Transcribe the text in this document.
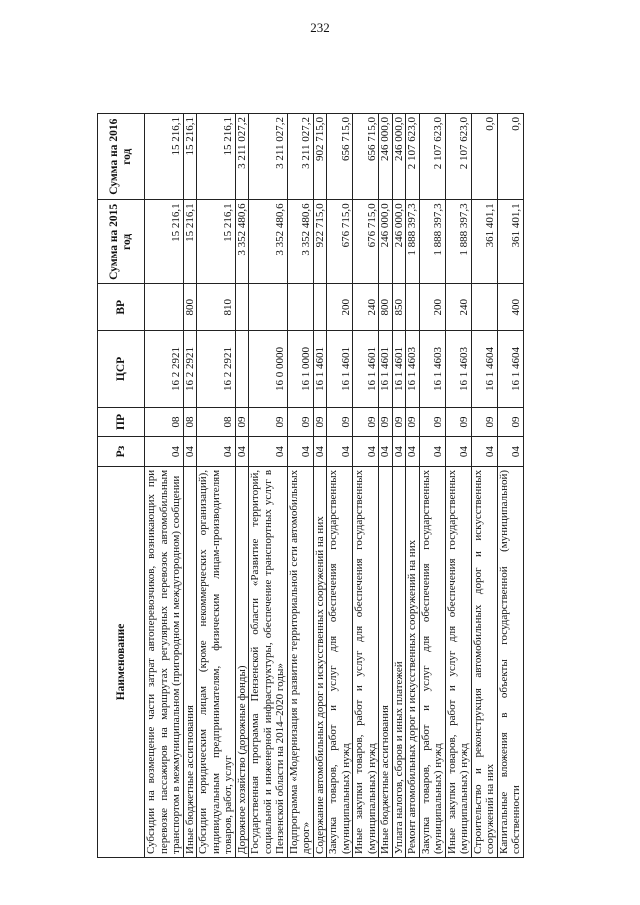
232
Наименование	Рз	ПР	ЦСР	ВР	Сумма на 2015 год	Сумма на 2016 год
Субсидии на возмещение части затрат автоперевозчиков, возникающих при перевозке пассажиров на маршрутах регулярных перевозок автомобильным транспортом в межмуниципальном (пригородном и междугородном) сообщении	04	08	16 2 2921		15 216,1	15 216,1
Иные бюджетные ассигнования	04	08	16 2 2921	800	15 216,1	15 216,1
Субсидии юридическим лицам (кроме некоммерческих организаций), индивидуальным предпринимателям, физическим лицам-производителям товаров, работ, услуг	04	08	16 2 2921	810	15 216,1	15 216,1
Дорожное хозяйство (дорожные фонды)	04	09			3 352 480,6	3 211 027,2
Государственная программа Пензенской области «Развитие территорий, социальной и инженерной инфраструктуры, обеспечение транспортных услуг в Пензенской области на 2014–2020 годы»	04	09	16 0 0000		3 352 480,6	3 211 027,2
Подпрограмма «Модернизация и развитие территориальной сети автомобильных дорог»	04	09	16 1 0000		3 352 480,6	3 211 027,2
Содержание автомобильных дорог и искусственных сооружений на них	04	09	16 1 4601		922 715,0	902 715,0
Закупка товаров, работ и услуг для обеспечения государственных (муниципальных) нужд	04	09	16 1 4601	200	676 715,0	656 715,0
Иные закупки товаров, работ и услуг для обеспечения государственных (муниципальных) нужд	04	09	16 1 4601	240	676 715,0	656 715,0
Иные бюджетные ассигнования	04	09	16 1 4601	800	246 000,0	246 000,0
Уплата налогов, сборов и иных платежей	04	09	16 1 4601	850	246 000,0	246 000,0
Ремонт автомобильных дорог и искусственных сооружений на них	04	09	16 1 4603		1 888 397,3	2 107 623,0
Закупка товаров, работ и услуг для обеспечения государственных (муниципальных) нужд	04	09	16 1 4603	200	1 888 397,3	2 107 623,0
Иные закупки товаров, работ и услуг для обеспечения государственных (муниципальных) нужд	04	09	16 1 4603	240	1 888 397,3	2 107 623,0
Строительство и реконструкция автомобильных дорог и искусственных сооружений на них	04	09	16 1 4604		361 401,1	0,0
Капитальные вложения в объекты государственной (муниципальной) собственности	04	09	16 1 4604	400	361 401,1	0,0
